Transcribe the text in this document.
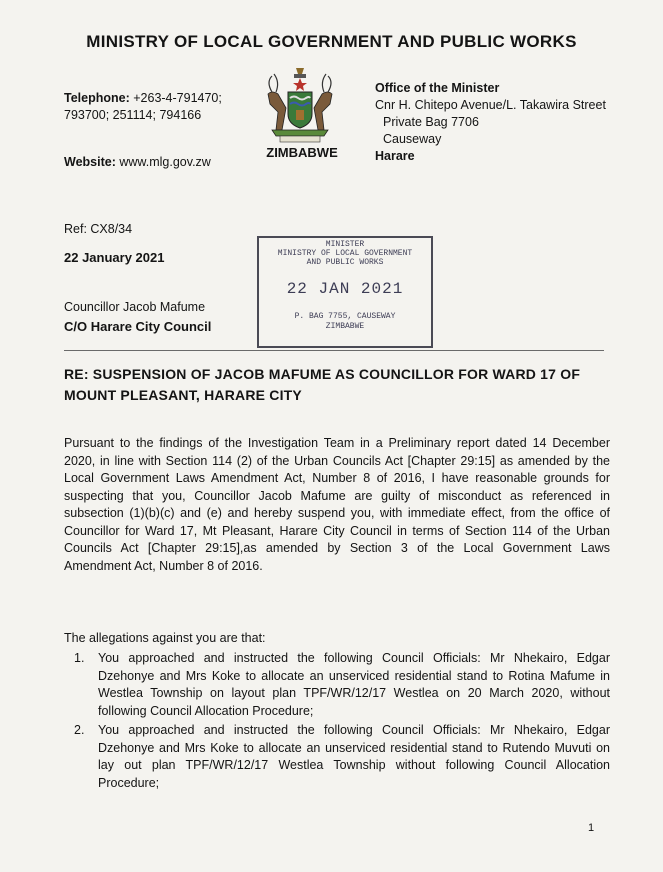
MINISTRY OF LOCAL GOVERNMENT AND PUBLIC WORKS
Telephone: +263-4-791470; 793700; 251114; 794166
Website: www.mlg.gov.zw
ZIMBABWE
Office of the Minister
Cnr H. Chitepo Avenue/L. Takawira Street
Private Bag 7706
Causeway
Harare
Ref: CX8/34
22 January 2021
MINISTER
MINISTRY OF LOCAL GOVERNMENT
AND PUBLIC WORKS
22 JAN 2021
P. BAG 7755, CAUSEWAY
ZIMBABWE
Councillor Jacob Mafume
C/O Harare City Council
RE: SUSPENSION OF JACOB MAFUME AS COUNCILLOR FOR WARD 17 OF MOUNT PLEASANT, HARARE CITY
Pursuant to the findings of the Investigation Team in a Preliminary report dated 14 December 2020, in line with Section 114 (2) of the Urban Councils Act [Chapter 29:15] as amended by the Local Government Laws Amendment Act, Number 8 of 2016, I have reasonable grounds for suspecting that you, Councillor Jacob Mafume are guilty of misconduct as referenced in subsection (1)(b)(c) and (e) and hereby suspend you, with immediate effect, from the office of Councillor for Ward 17, Mt Pleasant, Harare City Council in terms of Section 114 of the Urban Councils Act [Chapter 29:15],as amended by Section 3 of the Local Government Laws Amendment Act, Number 8 of 2016.
The allegations against you are that:
1. You approached and instructed the following Council Officials: Mr Nhekairo, Edgar Dzehonye and Mrs Koke to allocate an unserviced residential stand to Rotina Mafume in Westlea Township on layout plan TPF/WR/12/17 Westlea on 20 March 2020, without following Council Allocation Procedure;
2. You approached and instructed the following Council Officials: Mr Nhekairo, Edgar Dzehonye and Mrs Koke to allocate an unserviced residential stand to Rutendo Muvuti on lay out plan TPF/WR/12/17 Westlea Township without following Council Allocation Procedure;
1
